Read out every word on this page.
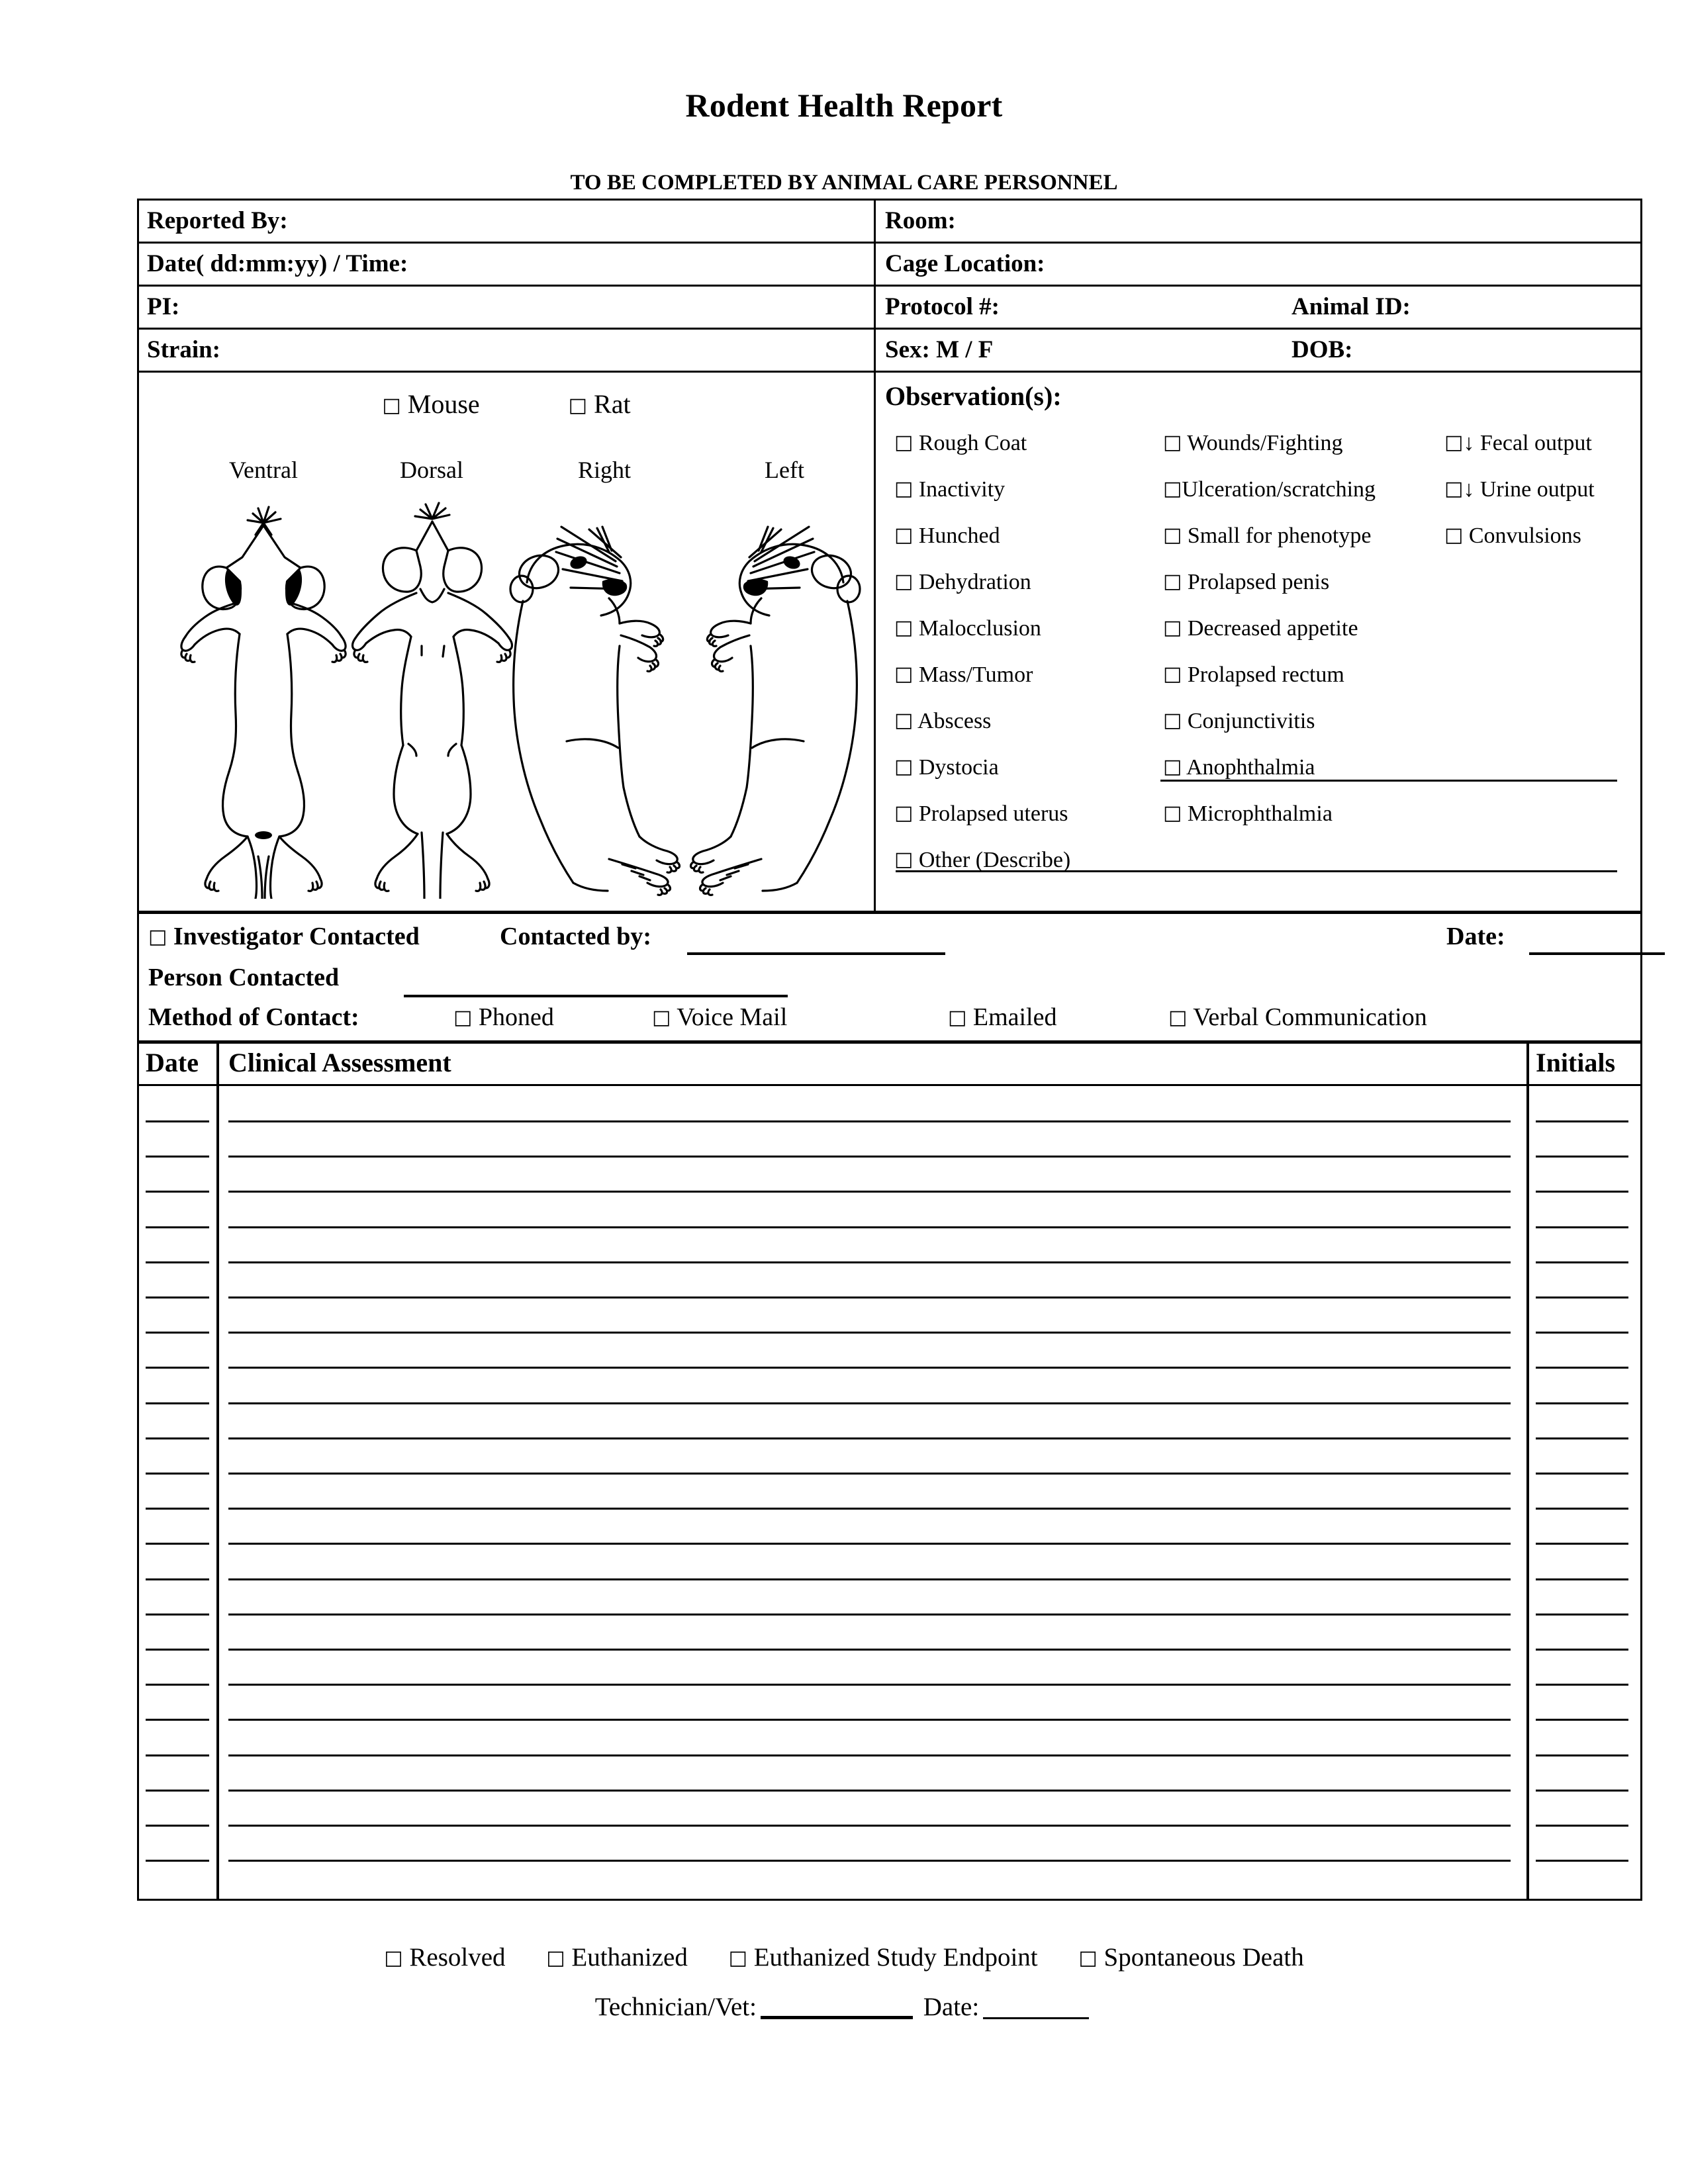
Rodent Health Report
TO BE COMPLETED BY ANIMAL CARE PERSONNEL
Reported By:	Room:
Date( dd:mm:yy) / Time:	Cage Location:
PI:	Protocol #:	Animal ID:
Strain:	Sex: M / F	DOB:
□ Mouse	□ Rat
Ventral	Dorsal	Right	Left
Observation(s):
□ Rough Coat
□ Inactivity
□ Hunched
□ Dehydration
□ Malocclusion
□ Mass/Tumor
□ Abscess
□ Dystocia
□ Prolapsed uterus
□ Other (Describe)
□ Wounds/Fighting
□Ulceration/scratching
□ Small for phenotype
□ Prolapsed penis
□ Decreased appetite
□ Prolapsed rectum
□ Conjunctivitis
□ Anophthalmia
□ Microphthalmia
□↓ Fecal output
□↓ Urine output
□ Convulsions
□ Investigator Contacted	Contacted by:	Date:
Person Contacted
Method of Contact:	□ Phoned	□ Voice Mail	□ Emailed	□ Verbal Communication
Date	Clinical Assessment	Initials
□ Resolved □ Euthanized □ Euthanized Study Endpoint □ Spontaneous Death
Technician/Vet:	Date:
